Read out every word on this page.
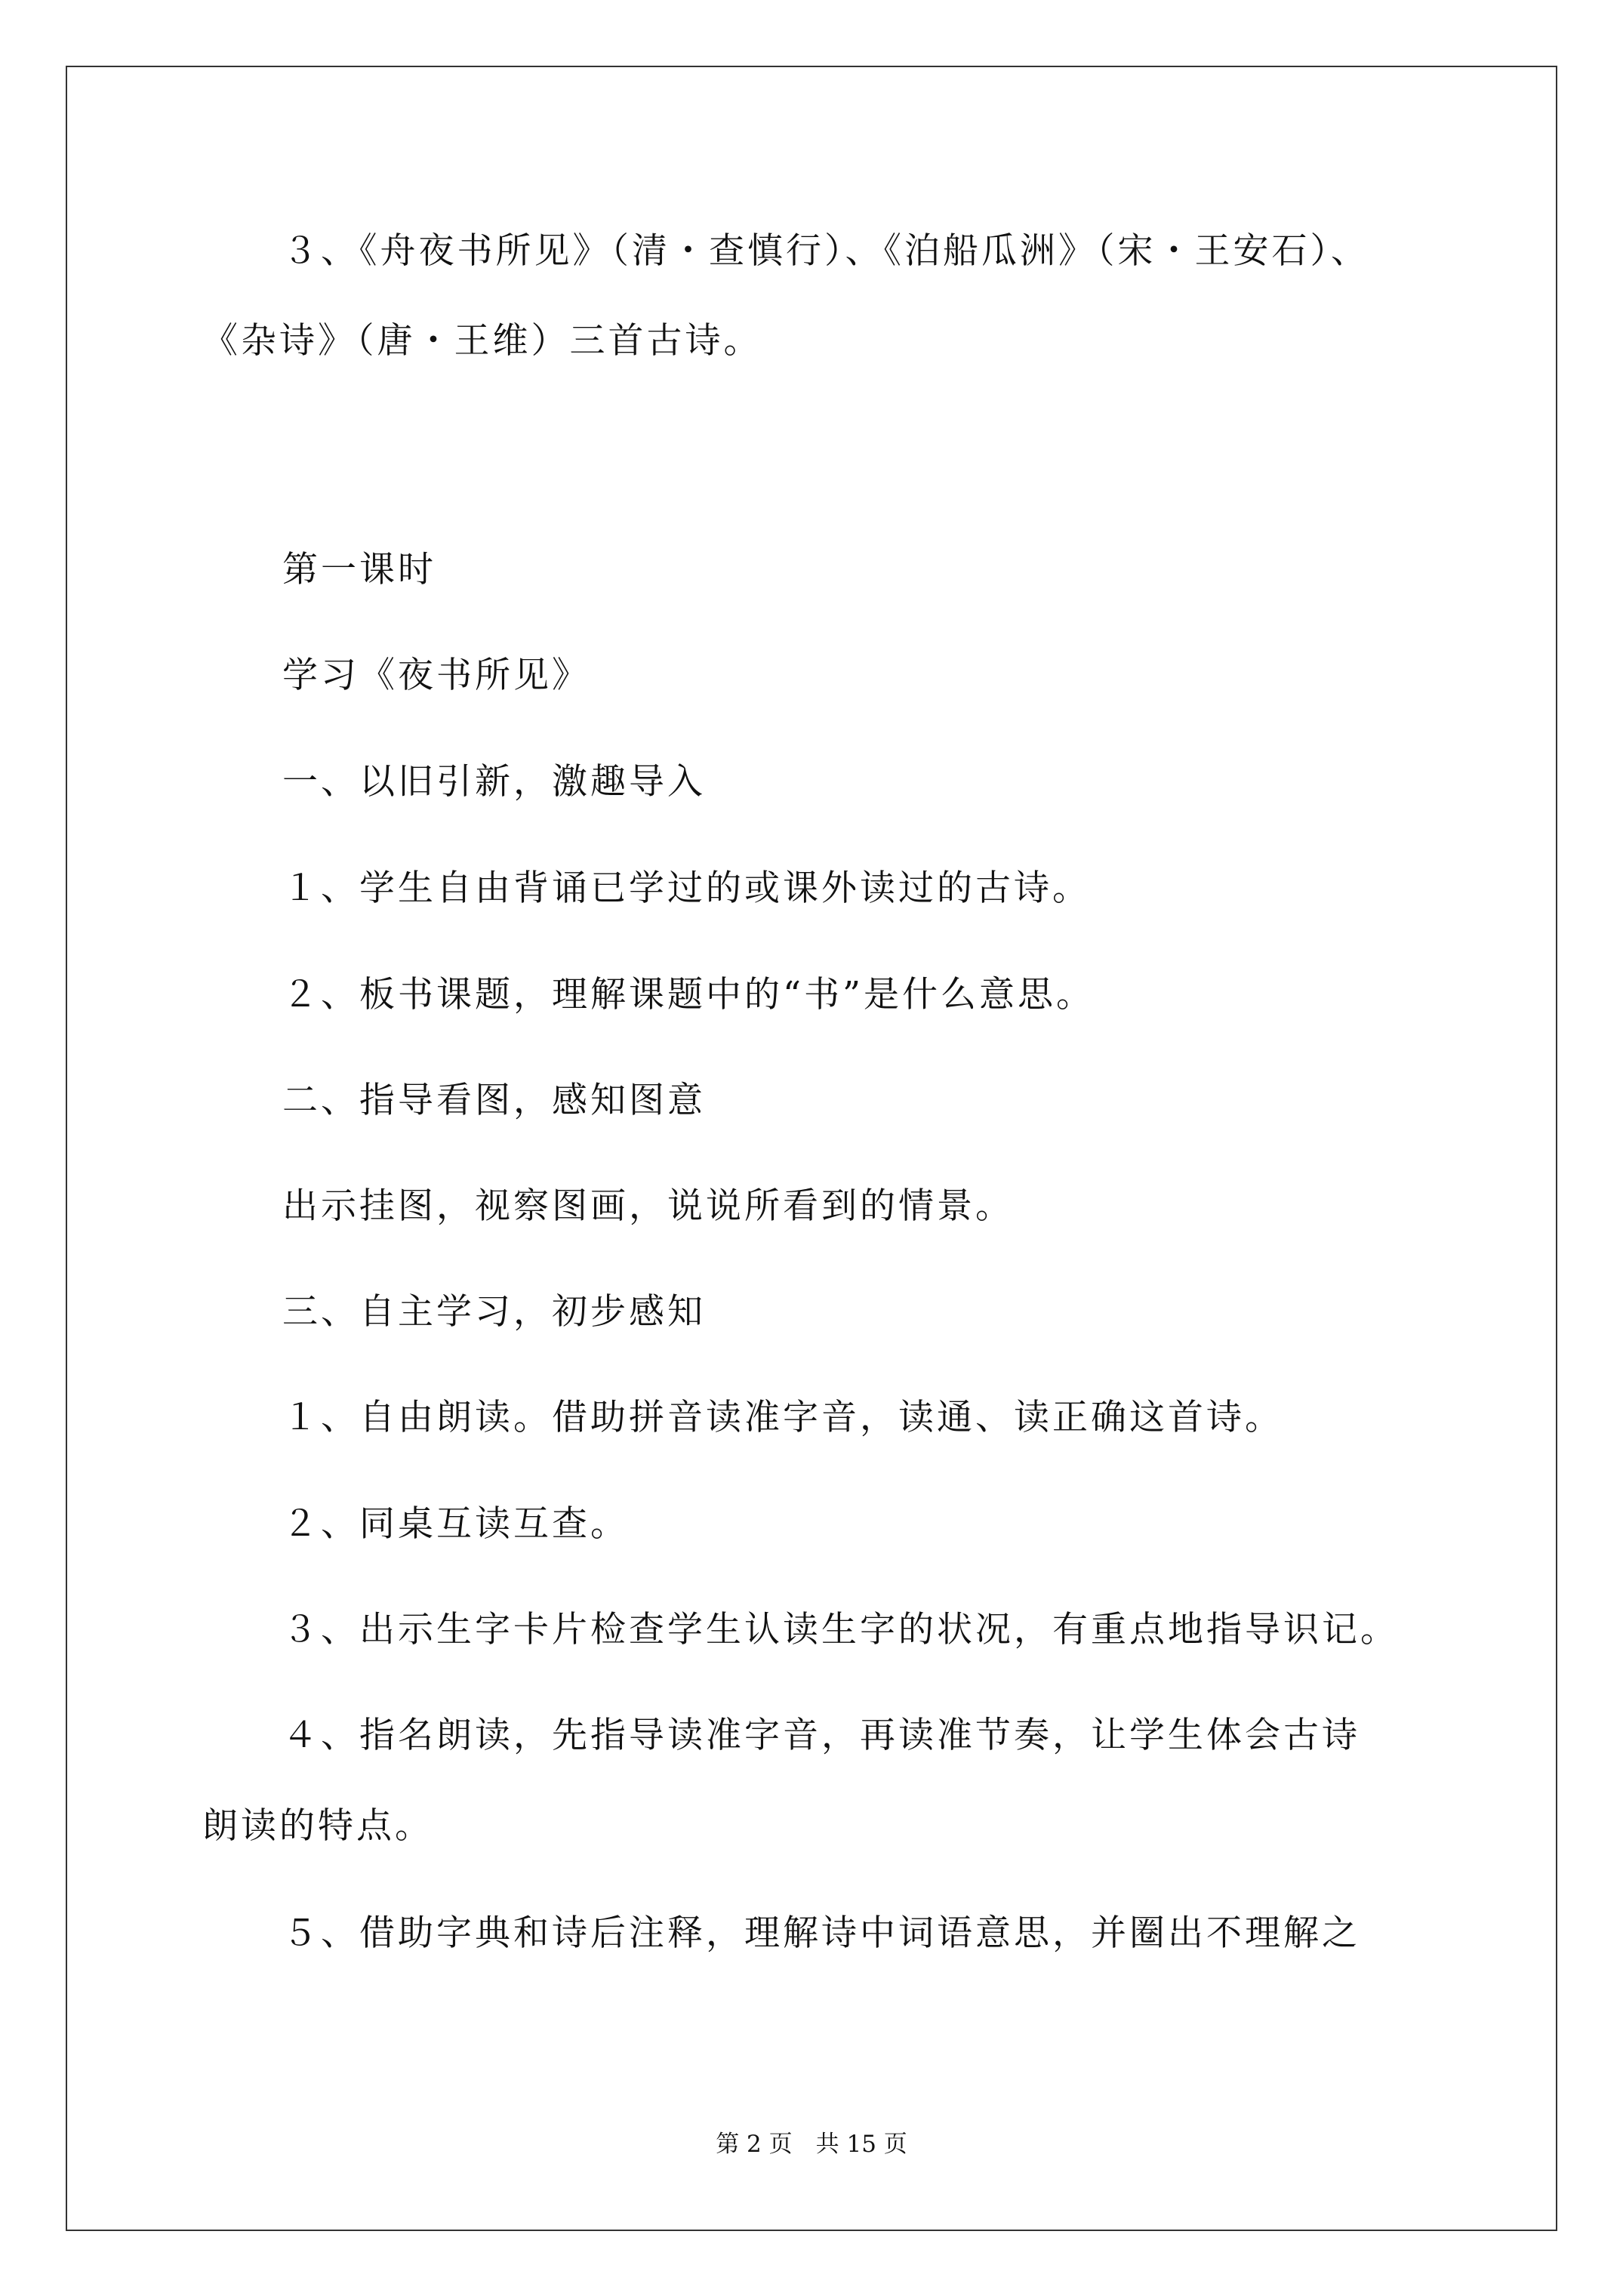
３、《舟夜书所见》（清・查慎行）、《泊船瓜洲》（宋・王安石）、
《杂诗》（唐・王维）三首古诗。
第一课时
学习《夜书所见》
一、以旧引新，激趣导入
１、学生自由背诵已学过的或课外读过的古诗。
２、板书课题，理解课题中的“书”是什么意思。
二、指导看图，感知图意
出示挂图，视察图画，说说所看到的情景。
三、自主学习，初步感知
１、自由朗读。借助拼音读准字音，读通、读正确这首诗。
２、同桌互读互查。
３、出示生字卡片检查学生认读生字的状况，有重点地指导识记。
４、指名朗读，先指导读准字音，再读准节奏，让学生体会古诗
朗读的特点。
５、借助字典和诗后注释，理解诗中词语意思，并圈出不理解之
第 2 页　共 15 页
